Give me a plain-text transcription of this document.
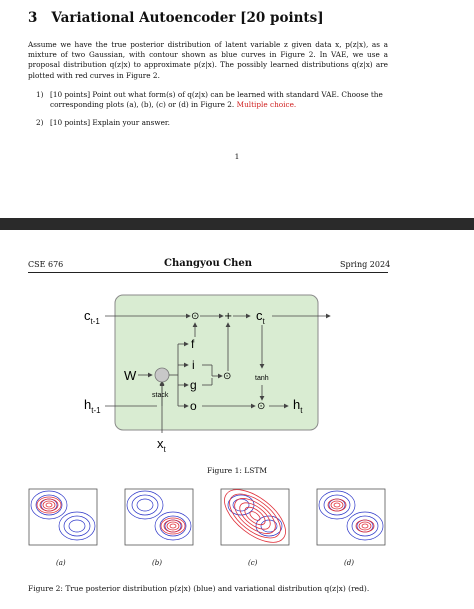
3 Variational Autoencoder [20 points]
Assume we have the true posterior distribution of latent variable z given data x, p(z|x), as a mixture of two Gaussian, with contour shown as blue curves in Figure 2. In VAE, we use a proposal distribution q(z|x) to approximate p(z|x). The possibly learned distributions q(z|x) are plotted with red curves in Figure 2.
1) [10 points] Point out what form(s) of q(z|x) can be learned with standard VAE. Choose the corresponding plots (a), (b), (c) or (d) in Figure 2. Multiple choice.
2) [10 points] Explain your answer.
1
CSE 676	Changyou Chen	Spring 2024
$c_{t-1}$	$c_t$
$h_{t-1}$	$h_t$
$x_t$
W
f
i
g
o
stack
tanh
⊙ +
⊙
⊙
Figure 1: LSTM
(a)	(b)	(c)	(d)
Figure 2: True posterior distribution p(z|x) (blue) and variational distribution q(z|x) (red).
